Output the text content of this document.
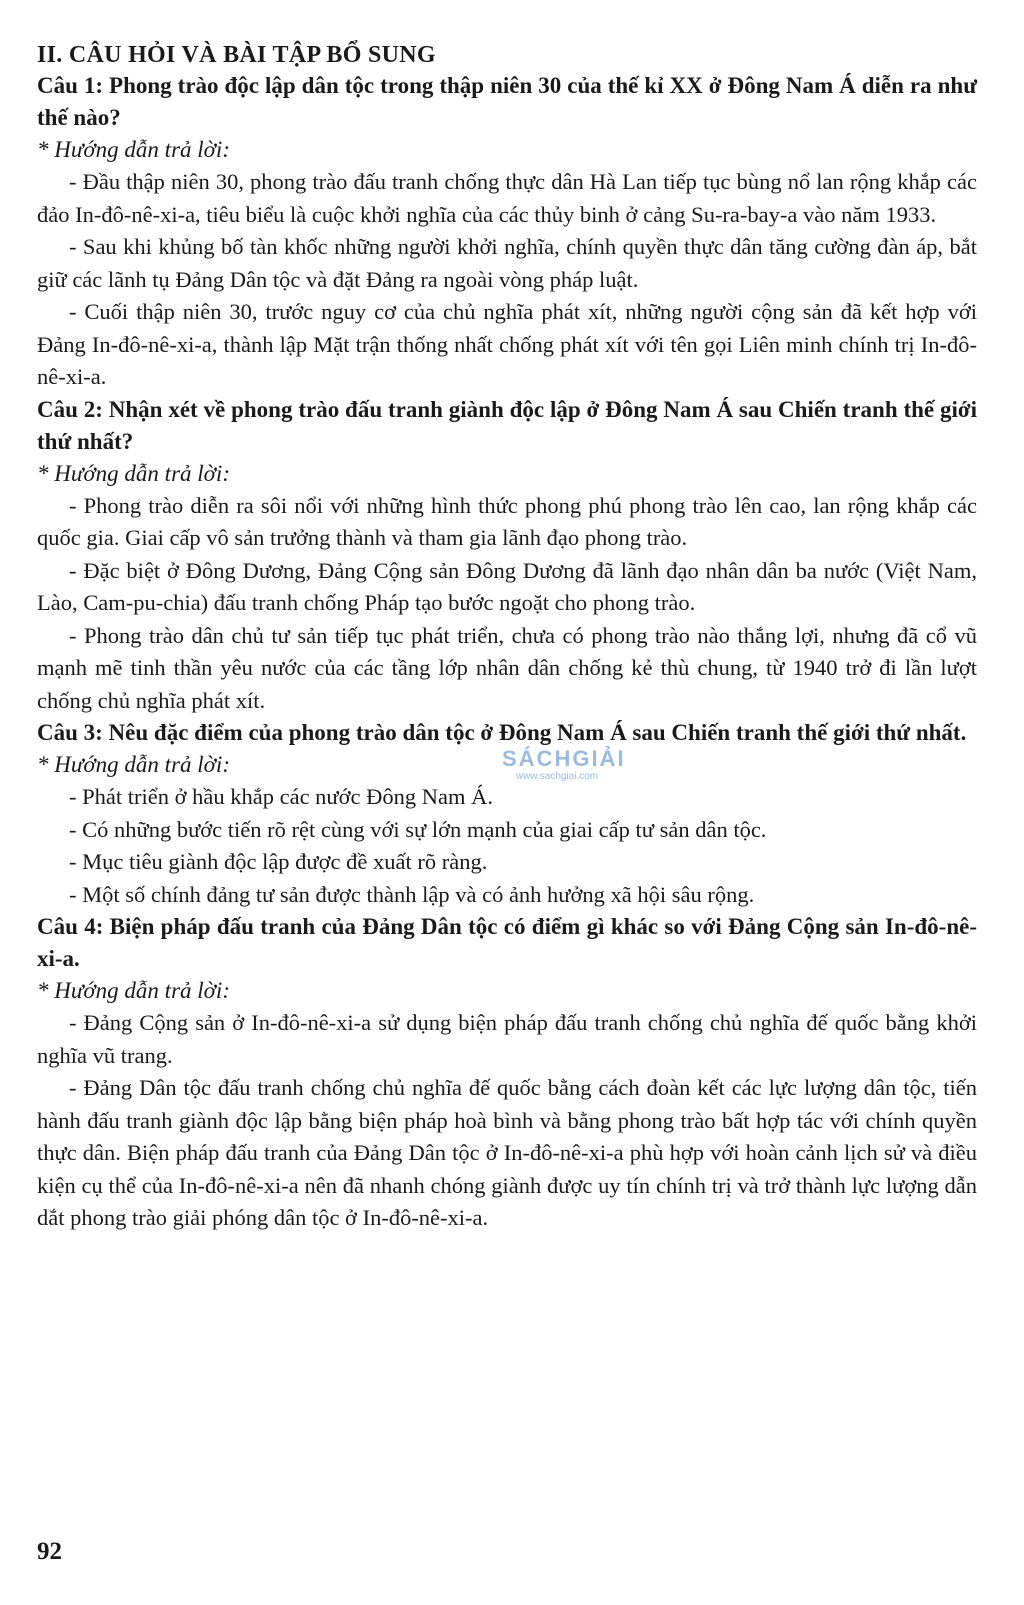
II. CÂU HỎI VÀ BÀI TẬP BỔ SUNG

Câu 1: Phong trào độc lập dân tộc trong thập niên 30 của thế kỉ XX ở Đông Nam Á diễn ra như thế nào?

* Hướng dẫn trả lời:

- Đầu thập niên 30, phong trào đấu tranh chống thực dân Hà Lan tiếp tục bùng nổ lan rộng khắp các đảo In-đô-nê-xi-a, tiêu biểu là cuộc khởi nghĩa của các thủy binh ở cảng Su-ra-bay-a vào năm 1933.

- Sau khi khủng bố tàn khốc những người khởi nghĩa, chính quyền thực dân tăng cường đàn áp, bắt giữ các lãnh tụ Đảng Dân tộc và đặt Đảng ra ngoài vòng pháp luật.

- Cuối thập niên 30, trước nguy cơ của chủ nghĩa phát xít, những người cộng sản đã kết hợp với Đảng In-đô-nê-xi-a, thành lập Mặt trận thống nhất chống phát xít với tên gọi Liên minh chính trị In-đô-nê-xi-a.

Câu 2: Nhận xét về phong trào đấu tranh giành độc lập ở Đông Nam Á sau Chiến tranh thế giới thứ nhất?

* Hướng dẫn trả lời:

- Phong trào diễn ra sôi nổi với những hình thức phong phú phong trào lên cao, lan rộng khắp các quốc gia. Giai cấp vô sản trưởng thành và tham gia lãnh đạo phong trào.

- Đặc biệt ở Đông Dương, Đảng Cộng sản Đông Dương đã lãnh đạo nhân dân ba nước (Việt Nam, Lào, Cam-pu-chia) đấu tranh chống Pháp tạo bước ngoặt cho phong trào.

- Phong trào dân chủ tư sản tiếp tục phát triển, chưa có phong trào nào thắng lợi, nhưng đã cổ vũ mạnh mẽ tinh thần yêu nước của các tầng lớp nhân dân chống kẻ thù chung, từ 1940 trở đi lần lượt chống chủ nghĩa phát xít.

Câu 3: Nêu đặc điểm của phong trào dân tộc ở Đông Nam Á sau Chiến tranh thế giới thứ nhất.

* Hướng dẫn trả lời:

- Phát triển ở hầu khắp các nước Đông Nam Á.

- Có những bước tiến rõ rệt cùng với sự lớn mạnh của giai cấp tư sản dân tộc.

- Mục tiêu giành độc lập được đề xuất rõ ràng.

- Một số chính đảng tư sản được thành lập và có ảnh hưởng xã hội sâu rộng.

Câu 4: Biện pháp đấu tranh của Đảng Dân tộc có điểm gì khác so với Đảng Cộng sản In-đô-nê-xi-a.

* Hướng dẫn trả lời:

- Đảng Cộng sản ở In-đô-nê-xi-a sử dụng biện pháp đấu tranh chống chủ nghĩa đế quốc bằng khởi nghĩa vũ trang.

- Đảng Dân tộc đấu tranh chống chủ nghĩa đế quốc bằng cách đoàn kết các lực lượng dân tộc, tiến hành đấu tranh giành độc lập bằng biện pháp hoà bình và bằng phong trào bất hợp tác với chính quyền thực dân. Biện pháp đấu tranh của Đảng Dân tộc ở In-đô-nê-xi-a phù hợp với hoàn cảnh lịch sử và điều kiện cụ thể của In-đô-nê-xi-a nên đã nhanh chóng giành được uy tín chính trị và trở thành lực lượng dẫn dắt phong trào giải phóng dân tộc ở In-đô-nê-xi-a.

SÁCHGIẢI
www.sachgiai.com
92
